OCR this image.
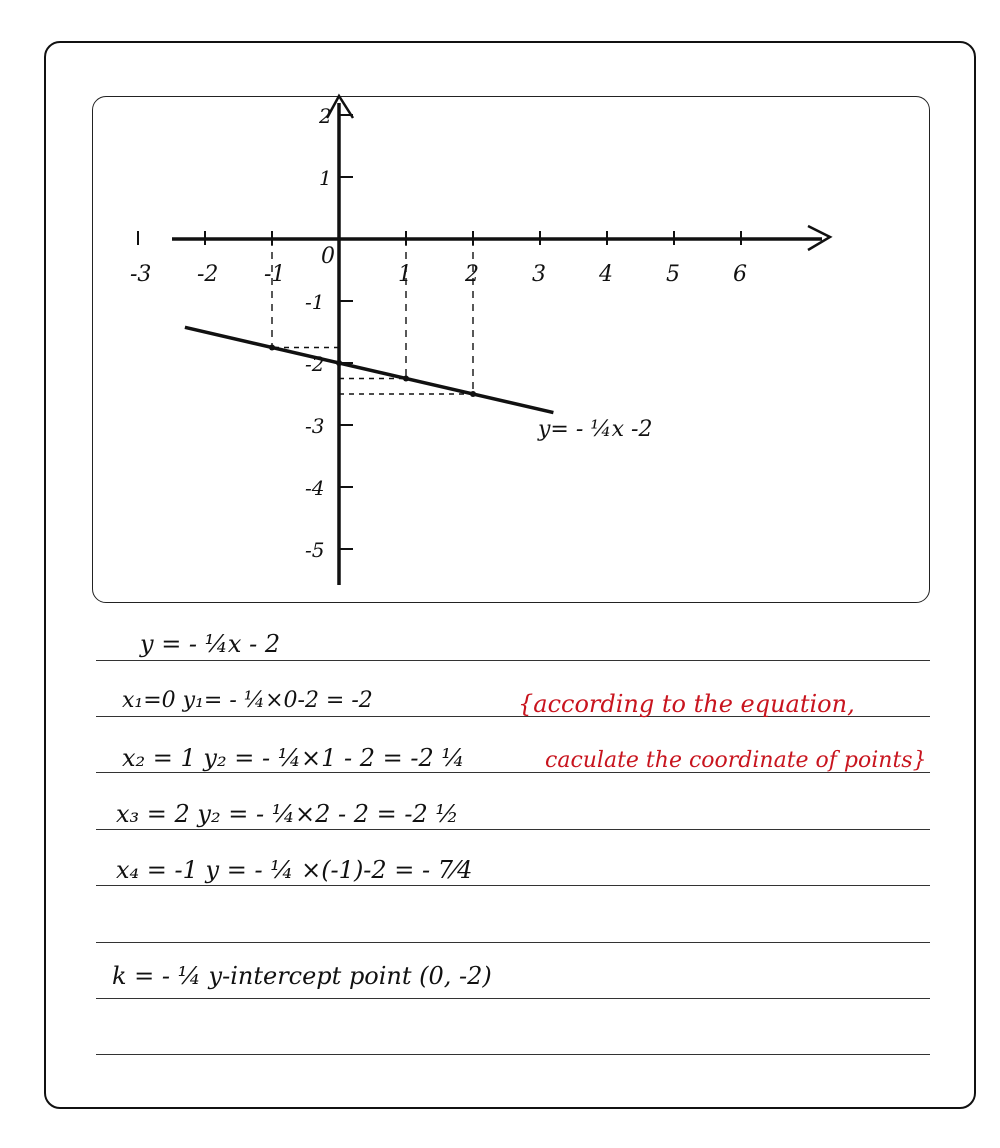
-3 -2 -1
0
1 2 3 4 5 6
2
1
-1
-2
-3
-4
-5
y= - ¼x -2
y = - ¼x - 2
x₁=0 y₁= - ¼×0-2 = -2
x₂ = 1 y₂ = - ¼×1 - 2 = -2 ¼
x₃ = 2 y₂ = - ¼×2 - 2 = -2 ½
x₄ = -1 y = - ¼ ×(-1)-2 = - 7⁄4
k = - ¼ y-intercept point (0, -2)
{according to the equation,
caculate the coordinate of points}
